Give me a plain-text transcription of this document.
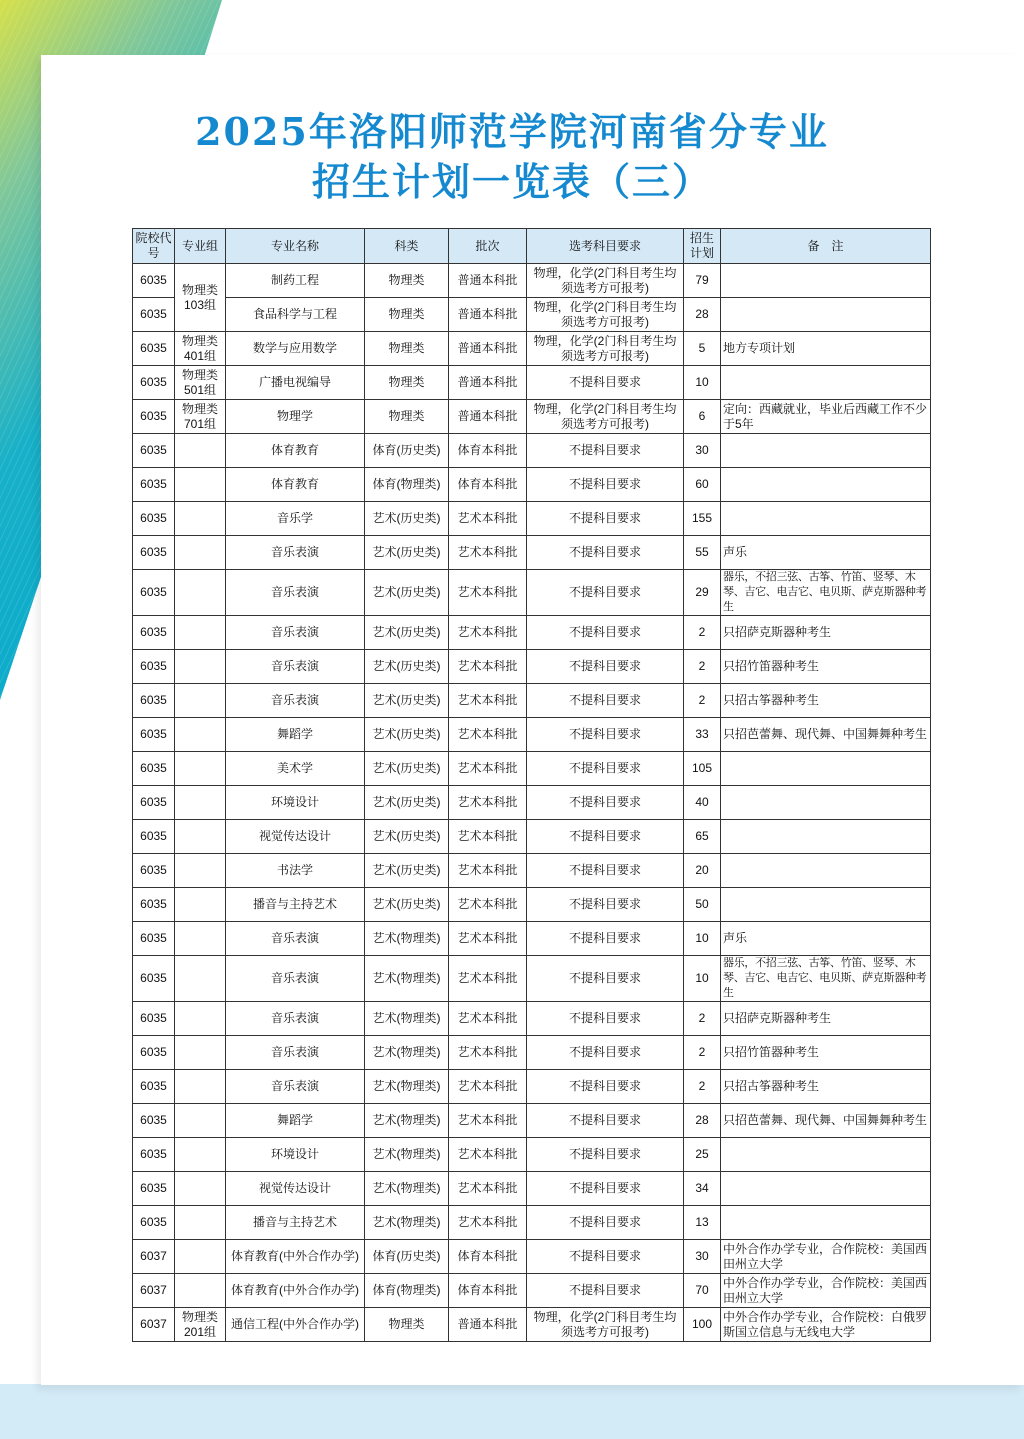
2025年洛阳师范学院河南省分专业
招生计划一览表（三）
院校代号	专业组	专业名称	科类	批次	选考科目要求	招生计划	备　注
6035	物理类103组	制药工程	物理类	普通本科批	物理，化学(2门科目考生均须选考方可报考)	79	
6035		食品科学与工程	物理类	普通本科批	物理，化学(2门科目考生均须选考方可报考)	28	
6035	物理类401组	数学与应用数学	物理类	普通本科批	物理，化学(2门科目考生均须选考方可报考)	5	地方专项计划
6035	物理类501组	广播电视编导	物理类	普通本科批	不提科目要求	10	
6035	物理类701组	物理学	物理类	普通本科批	物理，化学(2门科目考生均须选考方可报考)	6	定向：西藏就业，毕业后西藏工作不少于5年
6035		体育教育	体育(历史类)	体育本科批	不提科目要求	30	
6035		体育教育	体育(物理类)	体育本科批	不提科目要求	60	
6035		音乐学	艺术(历史类)	艺术本科批	不提科目要求	155	
6035		音乐表演	艺术(历史类)	艺术本科批	不提科目要求	55	声乐
6035		音乐表演	艺术(历史类)	艺术本科批	不提科目要求	29	器乐，不招三弦、古筝、竹笛、竖琴、木琴、吉它、电吉它、电贝斯、萨克斯器种考生
6035		音乐表演	艺术(历史类)	艺术本科批	不提科目要求	2	只招萨克斯器种考生
6035		音乐表演	艺术(历史类)	艺术本科批	不提科目要求	2	只招竹笛器种考生
6035		音乐表演	艺术(历史类)	艺术本科批	不提科目要求	2	只招古筝器种考生
6035		舞蹈学	艺术(历史类)	艺术本科批	不提科目要求	33	只招芭蕾舞、现代舞、中国舞舞种考生
6035		美术学	艺术(历史类)	艺术本科批	不提科目要求	105	
6035		环境设计	艺术(历史类)	艺术本科批	不提科目要求	40	
6035		视觉传达设计	艺术(历史类)	艺术本科批	不提科目要求	65	
6035		书法学	艺术(历史类)	艺术本科批	不提科目要求	20	
6035		播音与主持艺术	艺术(历史类)	艺术本科批	不提科目要求	50	
6035		音乐表演	艺术(物理类)	艺术本科批	不提科目要求	10	声乐
6035		音乐表演	艺术(物理类)	艺术本科批	不提科目要求	10	器乐，不招三弦、古筝、竹笛、竖琴、木琴、吉它、电吉它、电贝斯、萨克斯器种考生
6035		音乐表演	艺术(物理类)	艺术本科批	不提科目要求	2	只招萨克斯器种考生
6035		音乐表演	艺术(物理类)	艺术本科批	不提科目要求	2	只招竹笛器种考生
6035		音乐表演	艺术(物理类)	艺术本科批	不提科目要求	2	只招古筝器种考生
6035		舞蹈学	艺术(物理类)	艺术本科批	不提科目要求	28	只招芭蕾舞、现代舞、中国舞舞种考生
6035		环境设计	艺术(物理类)	艺术本科批	不提科目要求	25	
6035		视觉传达设计	艺术(物理类)	艺术本科批	不提科目要求	34	
6035		播音与主持艺术	艺术(物理类)	艺术本科批	不提科目要求	13	
6037		体育教育(中外合作办学)	体育(历史类)	体育本科批	不提科目要求	30	中外合作办学专业，合作院校：美国西田州立大学
6037		体育教育(中外合作办学)	体育(物理类)	体育本科批	不提科目要求	70	中外合作办学专业，合作院校：美国西田州立大学
6037	物理类201组	通信工程(中外合作办学)	物理类	普通本科批	物理，化学(2门科目考生均须选考方可报考)	100	中外合作办学专业，合作院校：白俄罗斯国立信息与无线电大学
